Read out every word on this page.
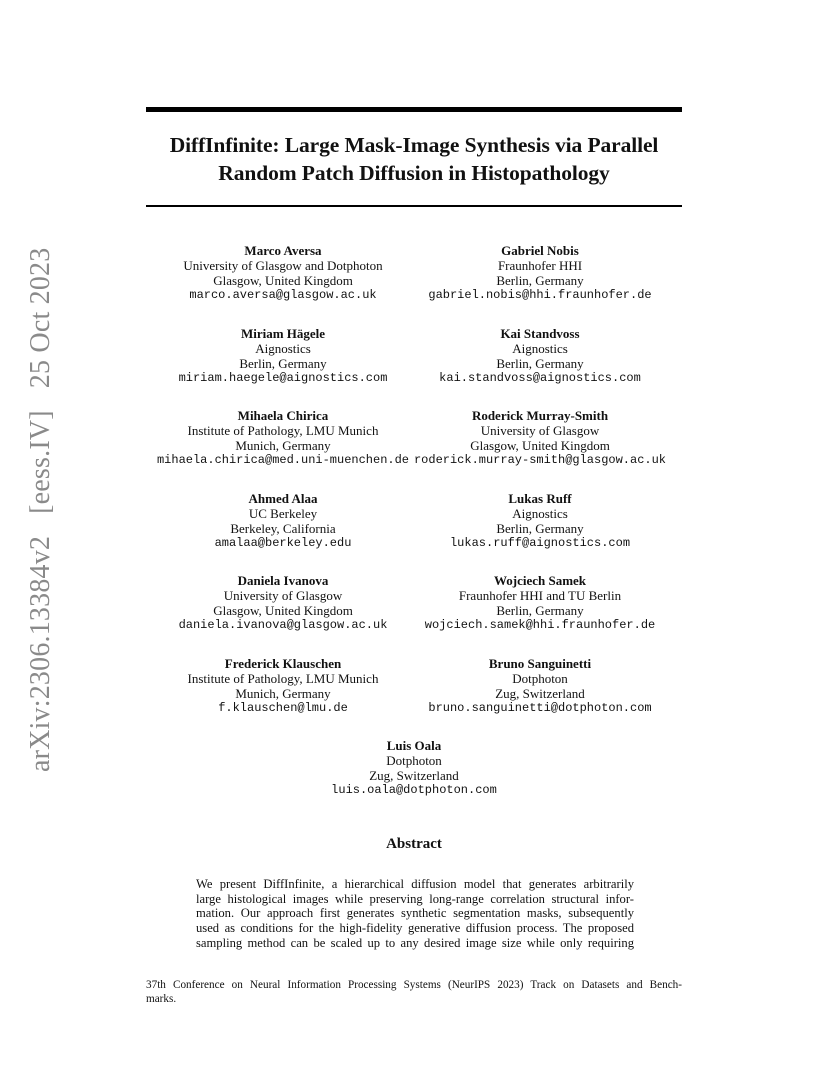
arXiv:2306.13384v2[eess.IV]25 Oct 2023
DiffInfinite: Large Mask-Image Synthesis via Parallel
Random Patch Diffusion in Histopathology
Marco Aversa
University of Glasgow and Dotphoton
Glasgow, United Kingdom
marco.aversa@glasgow.ac.uk
Gabriel Nobis
Fraunhofer HHI
Berlin, Germany
gabriel.nobis@hhi.fraunhofer.de
Miriam Hägele
Aignostics
Berlin, Germany
miriam.haegele@aignostics.com
Kai Standvoss
Aignostics
Berlin, Germany
kai.standvoss@aignostics.com
Mihaela Chirica
Institute of Pathology, LMU Munich
Munich, Germany
mihaela.chirica@med.uni-muenchen.de
Roderick Murray-Smith
University of Glasgow
Glasgow, United Kingdom
roderick.murray-smith@glasgow.ac.uk
Ahmed Alaa
UC Berkeley
Berkeley, California
amalaa@berkeley.edu
Lukas Ruff
Aignostics
Berlin, Germany
lukas.ruff@aignostics.com
Daniela Ivanova
University of Glasgow
Glasgow, United Kingdom
daniela.ivanova@glasgow.ac.uk
Wojciech Samek
Fraunhofer HHI and TU Berlin
Berlin, Germany
wojciech.samek@hhi.fraunhofer.de
Frederick Klauschen
Institute of Pathology, LMU Munich
Munich, Germany
f.klauschen@lmu.de
Bruno Sanguinetti
Dotphoton
Zug, Switzerland
bruno.sanguinetti@dotphoton.com
Luis Oala
Dotphoton
Zug, Switzerland
luis.oala@dotphoton.com
Abstract
We present DiffInfinite, a hierarchical diffusion model that generates arbitrarily
large histological images while preserving long-range correlation structural infor-
mation. Our approach first generates synthetic segmentation masks, subsequently
used as conditions for the high-fidelity generative diffusion process. The proposed
sampling method can be scaled up to any desired image size while only requiring
37th Conference on Neural Information Processing Systems (NeurIPS 2023) Track on Datasets and Bench-
marks.
